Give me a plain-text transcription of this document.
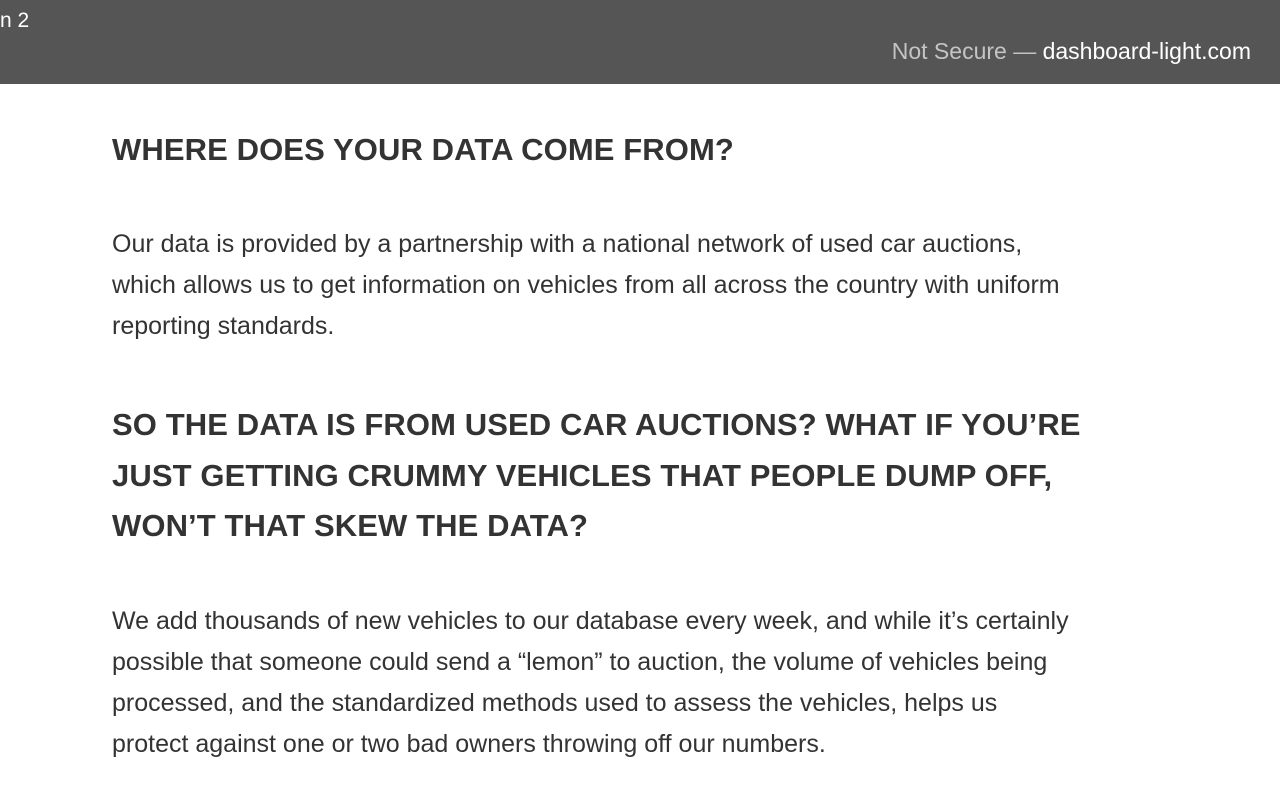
n 2
Not Secure — dashboard-light.com
WHERE DOES YOUR DATA COME FROM?

Our data is provided by a partnership with a national network of used car auctions,
which allows us to get information on vehicles from all across the country with uniform
reporting standards.

SO THE DATA IS FROM USED CAR AUCTIONS? WHAT IF YOU’RE
JUST GETTING CRUMMY VEHICLES THAT PEOPLE DUMP OFF,
WON’T THAT SKEW THE DATA?

We add thousands of new vehicles to our database every week, and while it’s certainly
possible that someone could send a “lemon” to auction, the volume of vehicles being
processed, and the standardized methods used to assess the vehicles, helps us
protect against one or two bad owners throwing off our numbers.
